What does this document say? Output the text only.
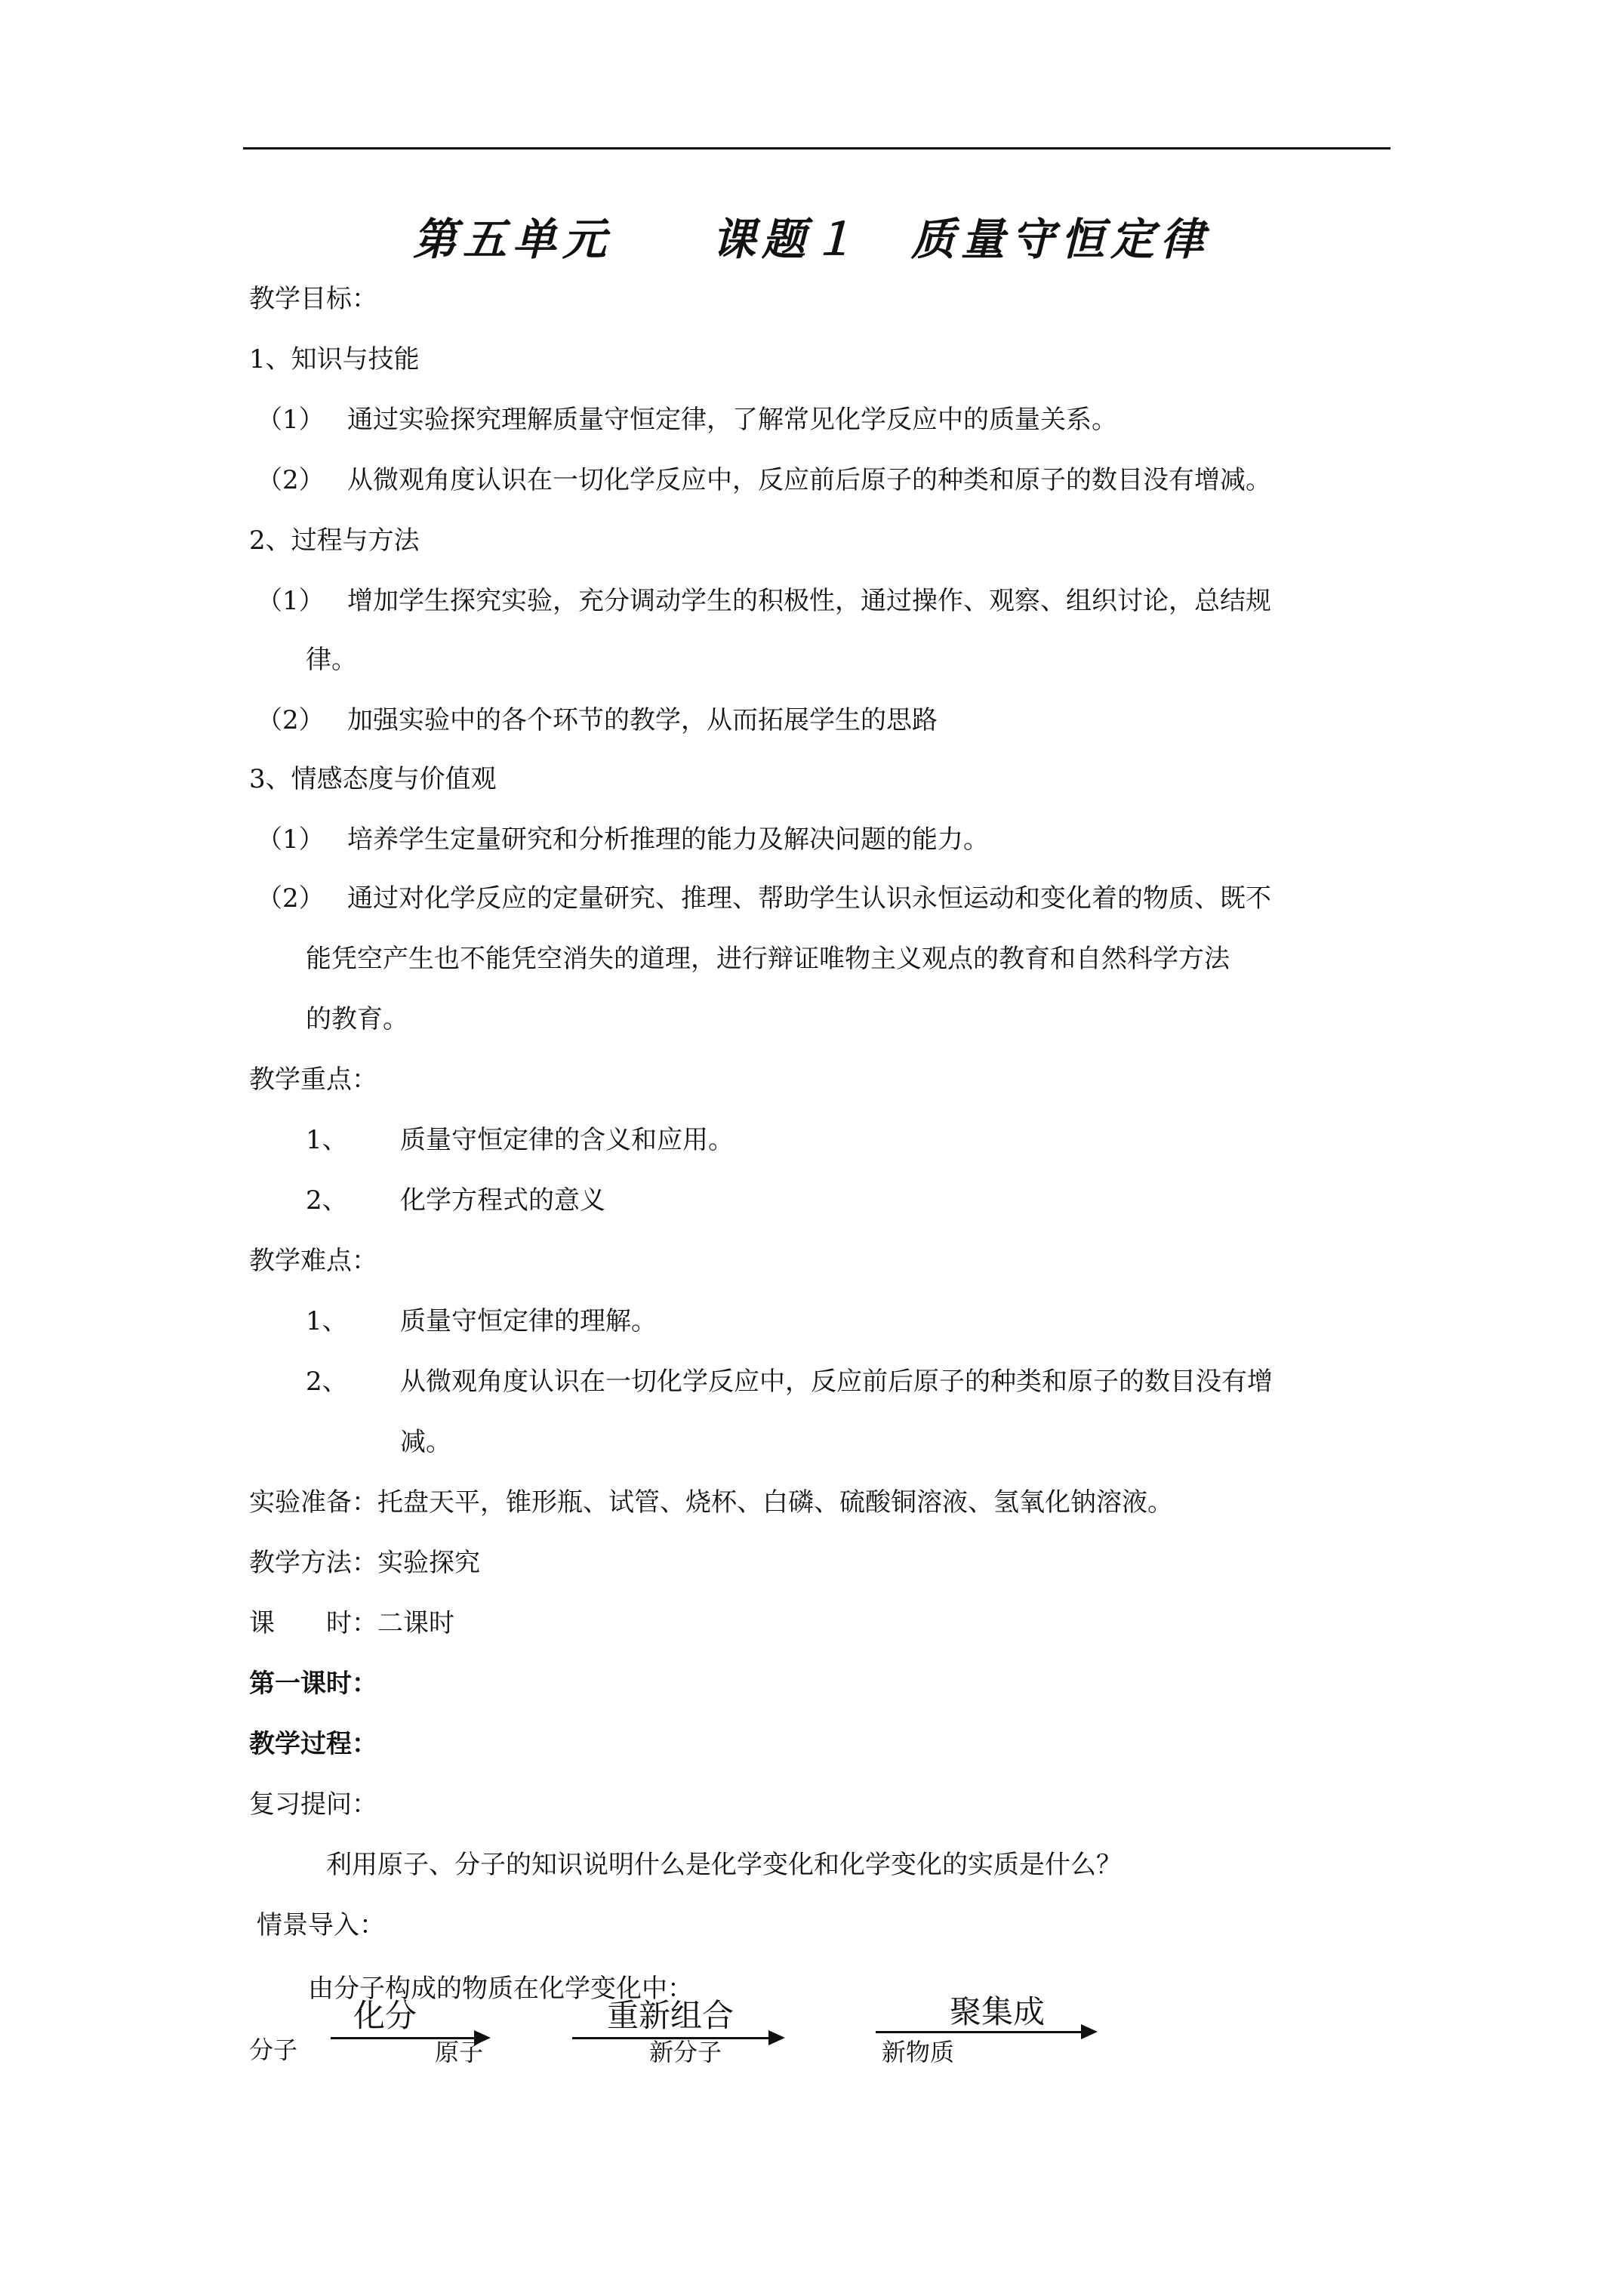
第五单元　　课题１　质量守恒定律
教学目标：
1、知识与技能
（1） 通过实验探究理解质量守恒定律，了解常见化学反应中的质量关系。
（2） 从微观角度认识在一切化学反应中，反应前后原子的种类和原子的数目没有增减。
2、过程与方法
（1） 增加学生探究实验，充分调动学生的积极性，通过操作、观察、组织讨论，总结规
律。
（2） 加强实验中的各个环节的教学，从而拓展学生的思路
3、情感态度与价值观
（1） 培养学生定量研究和分析推理的能力及解决问题的能力。
（2） 通过对化学反应的定量研究、推理、帮助学生认识永恒运动和变化着的物质、既不
能凭空产生也不能凭空消失的道理，进行辩证唯物主义观点的教育和自然科学方法
的教育。
教学重点：
1、 质量守恒定律的含义和应用。
2、 化学方程式的意义
教学难点：
1、 质量守恒定律的理解。
2、 从微观角度认识在一切化学反应中，反应前后原子的种类和原子的数目没有增
减。
实验准备：托盘天平，锥形瓶、试管、烧杯、白磷、硫酸铜溶液、氢氧化钠溶液。
教学方法：实验探究
课　　时：二课时
第一课时：
教学过程：
复习提问：
利用原子、分子的知识说明什么是化学变化和化学变化的实质是什么？
情景导入：
由分子构成的物质在化学变化中：
分子
化分
原子
重新组合
新分子
聚集成
新物质
